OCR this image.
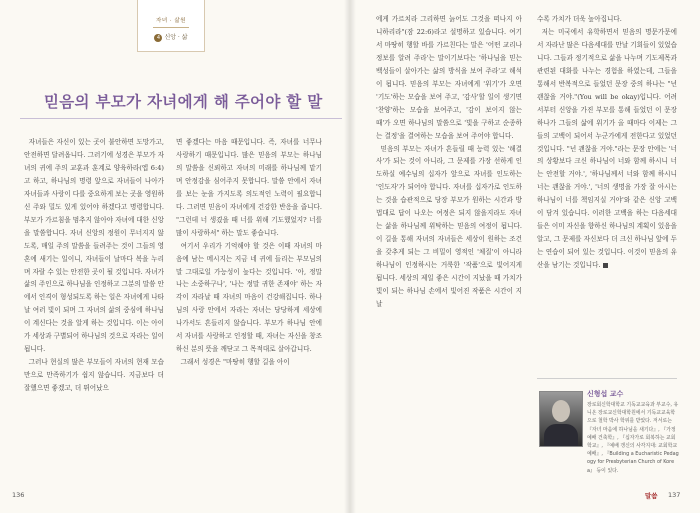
자녀 · 삶원
4 신앙 · 삶
믿음의 부모가 자녀에게 해 주어야 할 말

자녀들은 자신이 있는 곳이 불안하면 도망가고, 안전하면 달려옵니다. 그러기에 성경은 부모가 자녀의 귀에 주의 교훈과 훈계로 양육하라(엡 6:4)고 하고, 하나님의 명령 앞으로 자녀들이 나아가 자녀들과 사랑이 다를 중요하게 보는 곳을 영원하신 주와 밀도 있게 있어야 하겠다고 명령합니다. 부모가 가르침을 멈추지 않아야 자녀에 대한 신앙을 말씀합니다. 자녀 신앙의 정원이 무너지지 않도록, 매일 주의 말씀을 들려주는 것이 그들의 영혼에 새기는 일이니, 자녀들이 날마다 복을 누리며 자랄 수 있는 안전한 곳이 될 것입니다. 자녀가 삶의 주인으로 하나님을 인정하고 그분의 말씀 안에서 인격이 형성되도록 하는 일은 자녀에게 나타날 여러 빛이 되며 그 자녀의 삶의 중심에 하나님이 계신다는 것을 알게 하는 것입니다. 이는 아이가 세상과 구별되어 하나님의 것으로 자라는 일이 됩니다.

그러나 현실의 많은 부모들이 자녀의 현재 모습만으로 만족하기가 쉽지 않습니다. 지금보다 더 잘했으면 좋겠고, 더 뛰어났으

면 좋겠다는 마음 때문입니다. 즉, 자녀를 너무나 사랑하기 때문입니다. 많은 믿음의 부모는 하나님의 말씀을 신뢰하고 자녀의 미래를 하나님께 맡기며 안정감을 심어주지 못합니다. 말씀 안에서 자녀를 보는 눈을 가지도록 의도적인 노력이 필요합니다. 그러면 믿음이 자녀에게 건강한 반응을 줍니다. "그런데 너 생겼을 때 너를 위해 기도했었지? 너를 많이 사랑하셔" 하는 말도 좋습니다.

여기서 우리가 기억해야 할 것은 이때 자녀의 마음에 남는 메시지는 지금 네 귀에 들리는 부모님의 말 그대로일 가능성이 높다는 것입니다. '아, 정말 나는 소중하구나', '나는 정말 귀한 존재야' 하는 자각이 자라날 때 자녀의 마음이 건강해집니다. 하나님의 사랑 안에서 자라는 자녀는 당당하게 세상에 나가서도 흔들리지 않습니다. 부모가 하나님 안에서 자녀를 사랑하고 인정할 때, 자녀는 자신을 창조하신 분의 뜻을 깨닫고 그 목적대로 살아갑니다.

그래서 성경은 "마땅히 행할 길을 아이

136

에게 가르치라 그리하면 늙어도 그것을 떠나지 아니하리라"(잠 22:6)라고 설명하고 있습니다. 여기서 마땅히 행할 바를 가르친다는 말은 '어떤 교리나 정보를 알려 주라'는 말이기보다는 '하나님을 믿는 백성들이 살아가는 삶의 방식을 보여 주라'고 해석이 됩니다. 믿음의 부모는 자녀에게 '위기'가 오면 '기도'하는 모습을 보여 주고, '감사'할 일이 생기면 '찬양'하는 모습을 보여주고, '감이 보이지 않는 때'가 오면 하나님의 말씀으로 '빛을 구하고 순종하는 결정'을 결여하는 모습을 보여 주어야 합니다.

믿음의 부모는 자녀가 흔들릴 때 능력 있는 '해결사'가 되는 것이 아니라, 그 문제를 가장 선하게 인도하실 예수님의 십자가 앞으로 자녀를 인도하는 '인도자'가 되어야 합니다. 자녀를 십자가로 인도하는 것을 습관적으로 당장 부모가 원하는 시간과 방법대로 답이 나오는 여정은 되지 않을지라도 자녀는 삶을 하나님께 위탁하는 믿음의 여정이 됩니다. 이 길을 통해 자녀의 자녀들은 세상이 원하는 조건을 갖추게 되는 그 비밀이 영적인 '체질'이 아니라 하나님이 인정하시는 거룩한 '작품'으로 빛어지게 됩니다. 세상의 제일 좋은 시간이 지났을 때 가치가 빛이 되는 하나님 손에서 빛어진 작품은 시간이 지날

수록 가치가 더욱 높아집니다.

저는 미국에서 유학하면서 믿음의 명문가문에서 자라난 많은 다음세대를 만날 기회들이 있었습니다. 그들과 정기적으로 삶을 나누며 기도제목과 관련된 대화를 나누는 경험을 하였는데, 그들을 통해서 반복적으로 들었던 문장 중의 하나는 "넌 괜찮을 거야."(You will be okay)입니다. 어려서부터 신앙을 가진 부모를 통해 들었던 이 문장 하나가 그들의 삶에 위기가 올 때마다 이제는 그들의 고백이 되어서 누군가에게 전한다고 있었던 것입니다. "넌 괜찮을 거야."라는 문장 안에는 '너의 상황보다 크신 하나님이 너와 함께 하시니 너는 안전할 거야.', '하나님께서 너와 함께 하시니 너는 괜찮을 거야.', '너의 생명을 가장 잘 아시는 하나님이 너를 책임지실 거야'와 같은 신앙 고백이 담겨 있습니다. 이러한 고백을 하는 다음세대들은 이미 자신을 향하신 하나님의 계획이 있음을 알고, 그 문제를 자신보다 더 크신 하나님 앞에 두는 연습이 되어 있는 것입니다. 이것이 믿음의 유산을 남기는 것입니다.

신형섭 교수
장로회신학대학교 기독교교육과 부교수, 유니온 장로교신학대학원에서 기독교교육학으로 철학 박사 학위를 받았다. 저서로는 『자녀 마음에 하나님을 새기다』, 『가정 예배 건축학』, 『십자가로 회복하는 교회학교』, 『예배 갱신의 사각지대: 교회학교 예배』, 『Building a Eucharistic Pedagogy for Presbyterian Church of Korea』 등이 있다.
말씀 137
